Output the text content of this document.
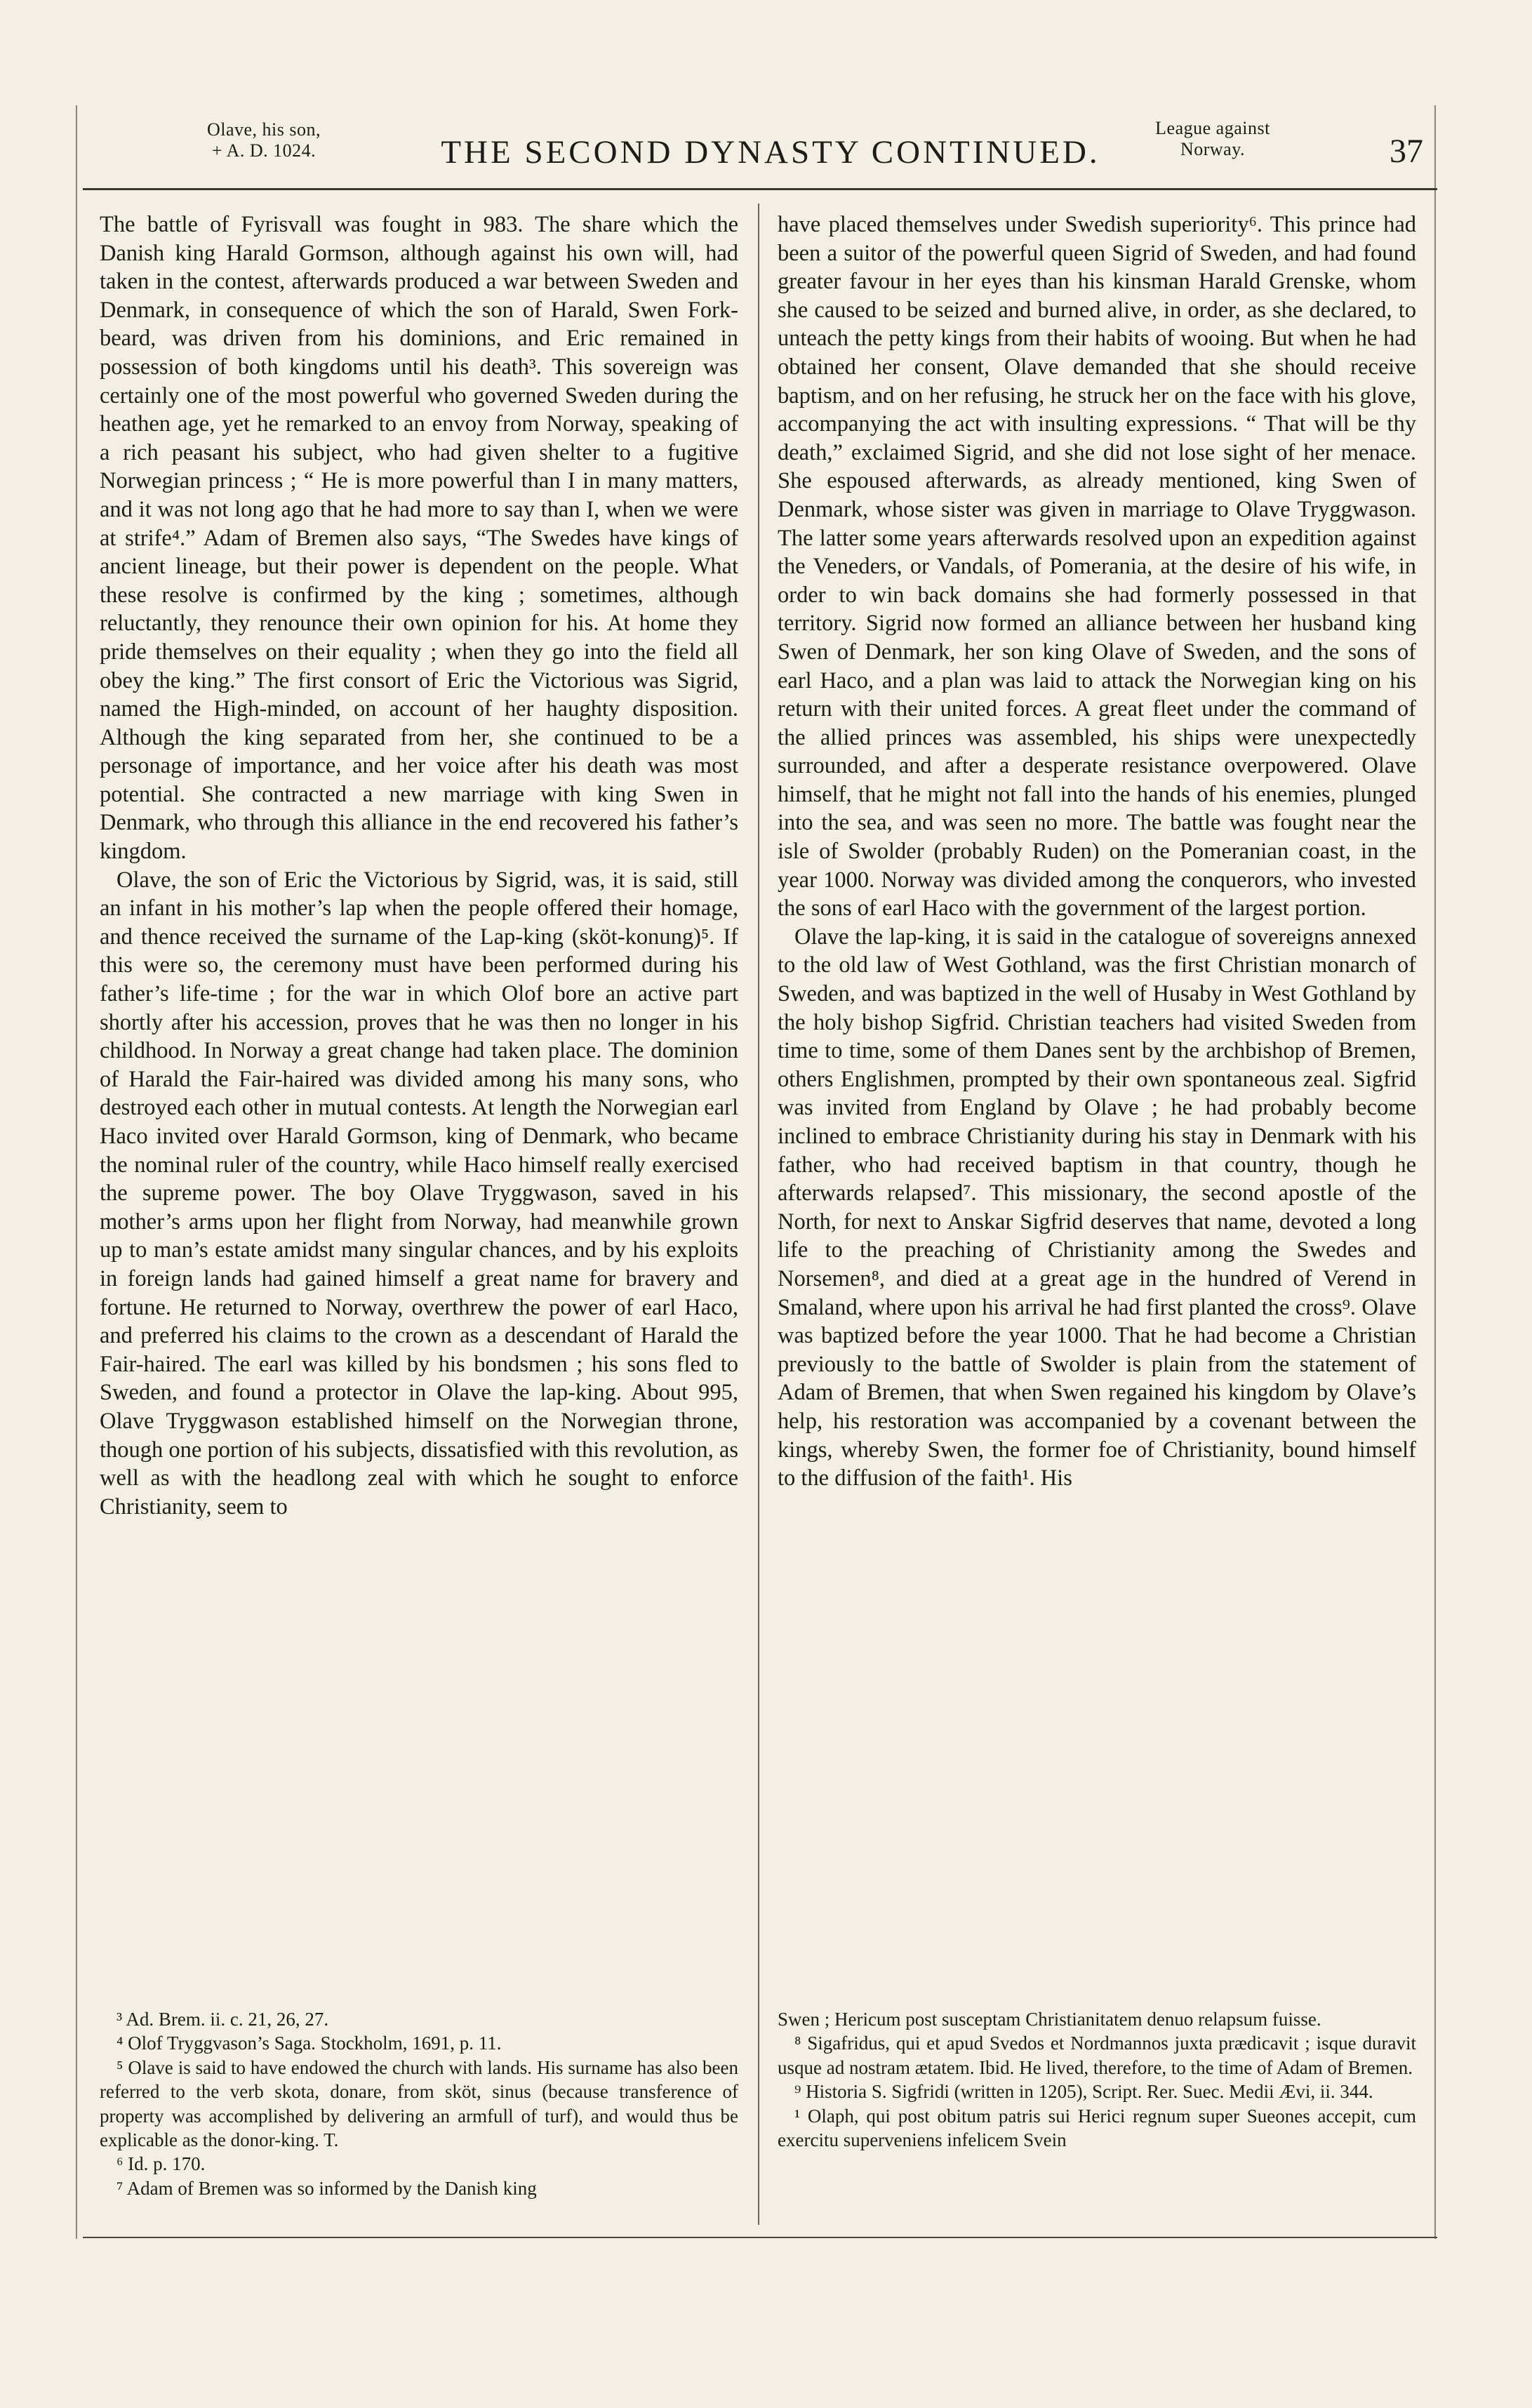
Olave, his son,
+ A. D. 1024.	THE SECOND DYNASTY CONTINUED.
League against
Norway.	37

The battle of Fyrisvall was fought in 983. The share which the Danish king Harald Gormson, although against his own will, had taken in the contest, afterwards produced a war between Sweden and Denmark, in consequence of which the son of Harald, Swen Fork-beard, was driven from his dominions, and Eric remained in possession of both kingdoms until his death³. This sovereign was certainly one of the most powerful who governed Sweden during the heathen age, yet he remarked to an envoy from Norway, speaking of a rich peasant his subject, who had given shelter to a fugitive Norwegian princess ; “ He is more powerful than I in many matters, and it was not long ago that he had more to say than I, when we were at strife⁴.” Adam of Bremen also says, “The Swedes have kings of ancient lineage, but their power is dependent on the people. What these resolve is confirmed by the king ; sometimes, although reluctantly, they renounce their own opinion for his. At home they pride themselves on their equality ; when they go into the field all obey the king.” The first consort of Eric the Victorious was Sigrid, named the High-minded, on account of her haughty disposition. Although the king separated from her, she continued to be a personage of importance, and her voice after his death was most potential. She contracted a new marriage with king Swen in Denmark, who through this alliance in the end recovered his father’s kingdom.

Olave, the son of Eric the Victorious by Sigrid, was, it is said, still an infant in his mother’s lap when the people offered their homage, and thence received the surname of the Lap-king (sköt-konung)⁵. If this were so, the ceremony must have been performed during his father’s life-time ; for the war in which Olof bore an active part shortly after his accession, proves that he was then no longer in his childhood. In Norway a great change had taken place. The dominion of Harald the Fair-haired was divided among his many sons, who destroyed each other in mutual contests. At length the Norwegian earl Haco invited over Harald Gormson, king of Denmark, who became the nominal ruler of the country, while Haco himself really exercised the supreme power. The boy Olave Tryggwason, saved in his mother’s arms upon her flight from Norway, had meanwhile grown up to man’s estate amidst many singular chances, and by his exploits in foreign lands had gained himself a great name for bravery and fortune. He returned to Norway, overthrew the power of earl Haco, and preferred his claims to the crown as a descendant of Harald the Fair-haired. The earl was killed by his bondsmen ; his sons fled to Sweden, and found a protector in Olave the lap-king. About 995, Olave Tryggwason established himself on the Norwegian throne, though one portion of his subjects, dissatisfied with this revolution, as well as with the headlong zeal with which he sought to enforce Christianity, seem to

have placed themselves under Swedish superiority⁶. This prince had been a suitor of the powerful queen Sigrid of Sweden, and had found greater favour in her eyes than his kinsman Harald Grenske, whom she caused to be seized and burned alive, in order, as she declared, to unteach the petty kings from their habits of wooing. But when he had obtained her consent, Olave demanded that she should receive baptism, and on her refusing, he struck her on the face with his glove, accompanying the act with insulting expressions. “ That will be thy death,” exclaimed Sigrid, and she did not lose sight of her menace. She espoused afterwards, as already mentioned, king Swen of Denmark, whose sister was given in marriage to Olave Tryggwason. The latter some years afterwards resolved upon an expedition against the Veneders, or Vandals, of Pomerania, at the desire of his wife, in order to win back domains she had formerly possessed in that territory. Sigrid now formed an alliance between her husband king Swen of Denmark, her son king Olave of Sweden, and the sons of earl Haco, and a plan was laid to attack the Norwegian king on his return with their united forces. A great fleet under the command of the allied princes was assembled, his ships were unexpectedly surrounded, and after a desperate resistance overpowered. Olave himself, that he might not fall into the hands of his enemies, plunged into the sea, and was seen no more. The battle was fought near the isle of Swolder (probably Ruden) on the Pomeranian coast, in the year 1000. Norway was divided among the conquerors, who invested the sons of earl Haco with the government of the largest portion.

Olave the lap-king, it is said in the catalogue of sovereigns annexed to the old law of West Gothland, was the first Christian monarch of Sweden, and was baptized in the well of Husaby in West Gothland by the holy bishop Sigfrid. Christian teachers had visited Sweden from time to time, some of them Danes sent by the archbishop of Bremen, others Englishmen, prompted by their own spontaneous zeal. Sigfrid was invited from England by Olave ; he had probably become inclined to embrace Christianity during his stay in Denmark with his father, who had received baptism in that country, though he afterwards relapsed⁷. This missionary, the second apostle of the North, for next to Anskar Sigfrid deserves that name, devoted a long life to the preaching of Christianity among the Swedes and Norsemen⁸, and died at a great age in the hundred of Verend in Smaland, where upon his arrival he had first planted the cross⁹. Olave was baptized before the year 1000. That he had become a Christian previously to the battle of Swolder is plain from the statement of Adam of Bremen, that when Swen regained his kingdom by Olave’s help, his restoration was accompanied by a covenant between the kings, whereby Swen, the former foe of Christianity, bound himself to the diffusion of the faith¹. His

³ Ad. Brem. ii. c. 21, 26, 27.

⁴ Olof Tryggvason’s Saga. Stockholm, 1691, p. 11.

⁵ Olave is said to have endowed the church with lands. His surname has also been referred to the verb skota, donare, from sköt, sinus (because transference of property was accomplished by delivering an armfull of turf), and would thus be explicable as the donor-king. T.

⁶ Id. p. 170.

⁷ Adam of Bremen was so informed by the Danish king

Swen ; Hericum post susceptam Christianitatem denuo relapsum fuisse.

⁸ Sigafridus, qui et apud Svedos et Nordmannos juxta prædicavit ; isque duravit usque ad nostram ætatem. Ibid. He lived, therefore, to the time of Adam of Bremen.

⁹ Historia S. Sigfridi (written in 1205), Script. Rer. Suec. Medii Ævi, ii. 344.

¹ Olaph, qui post obitum patris sui Herici regnum super Sueones accepit, cum exercitu superveniens infelicem Svein
